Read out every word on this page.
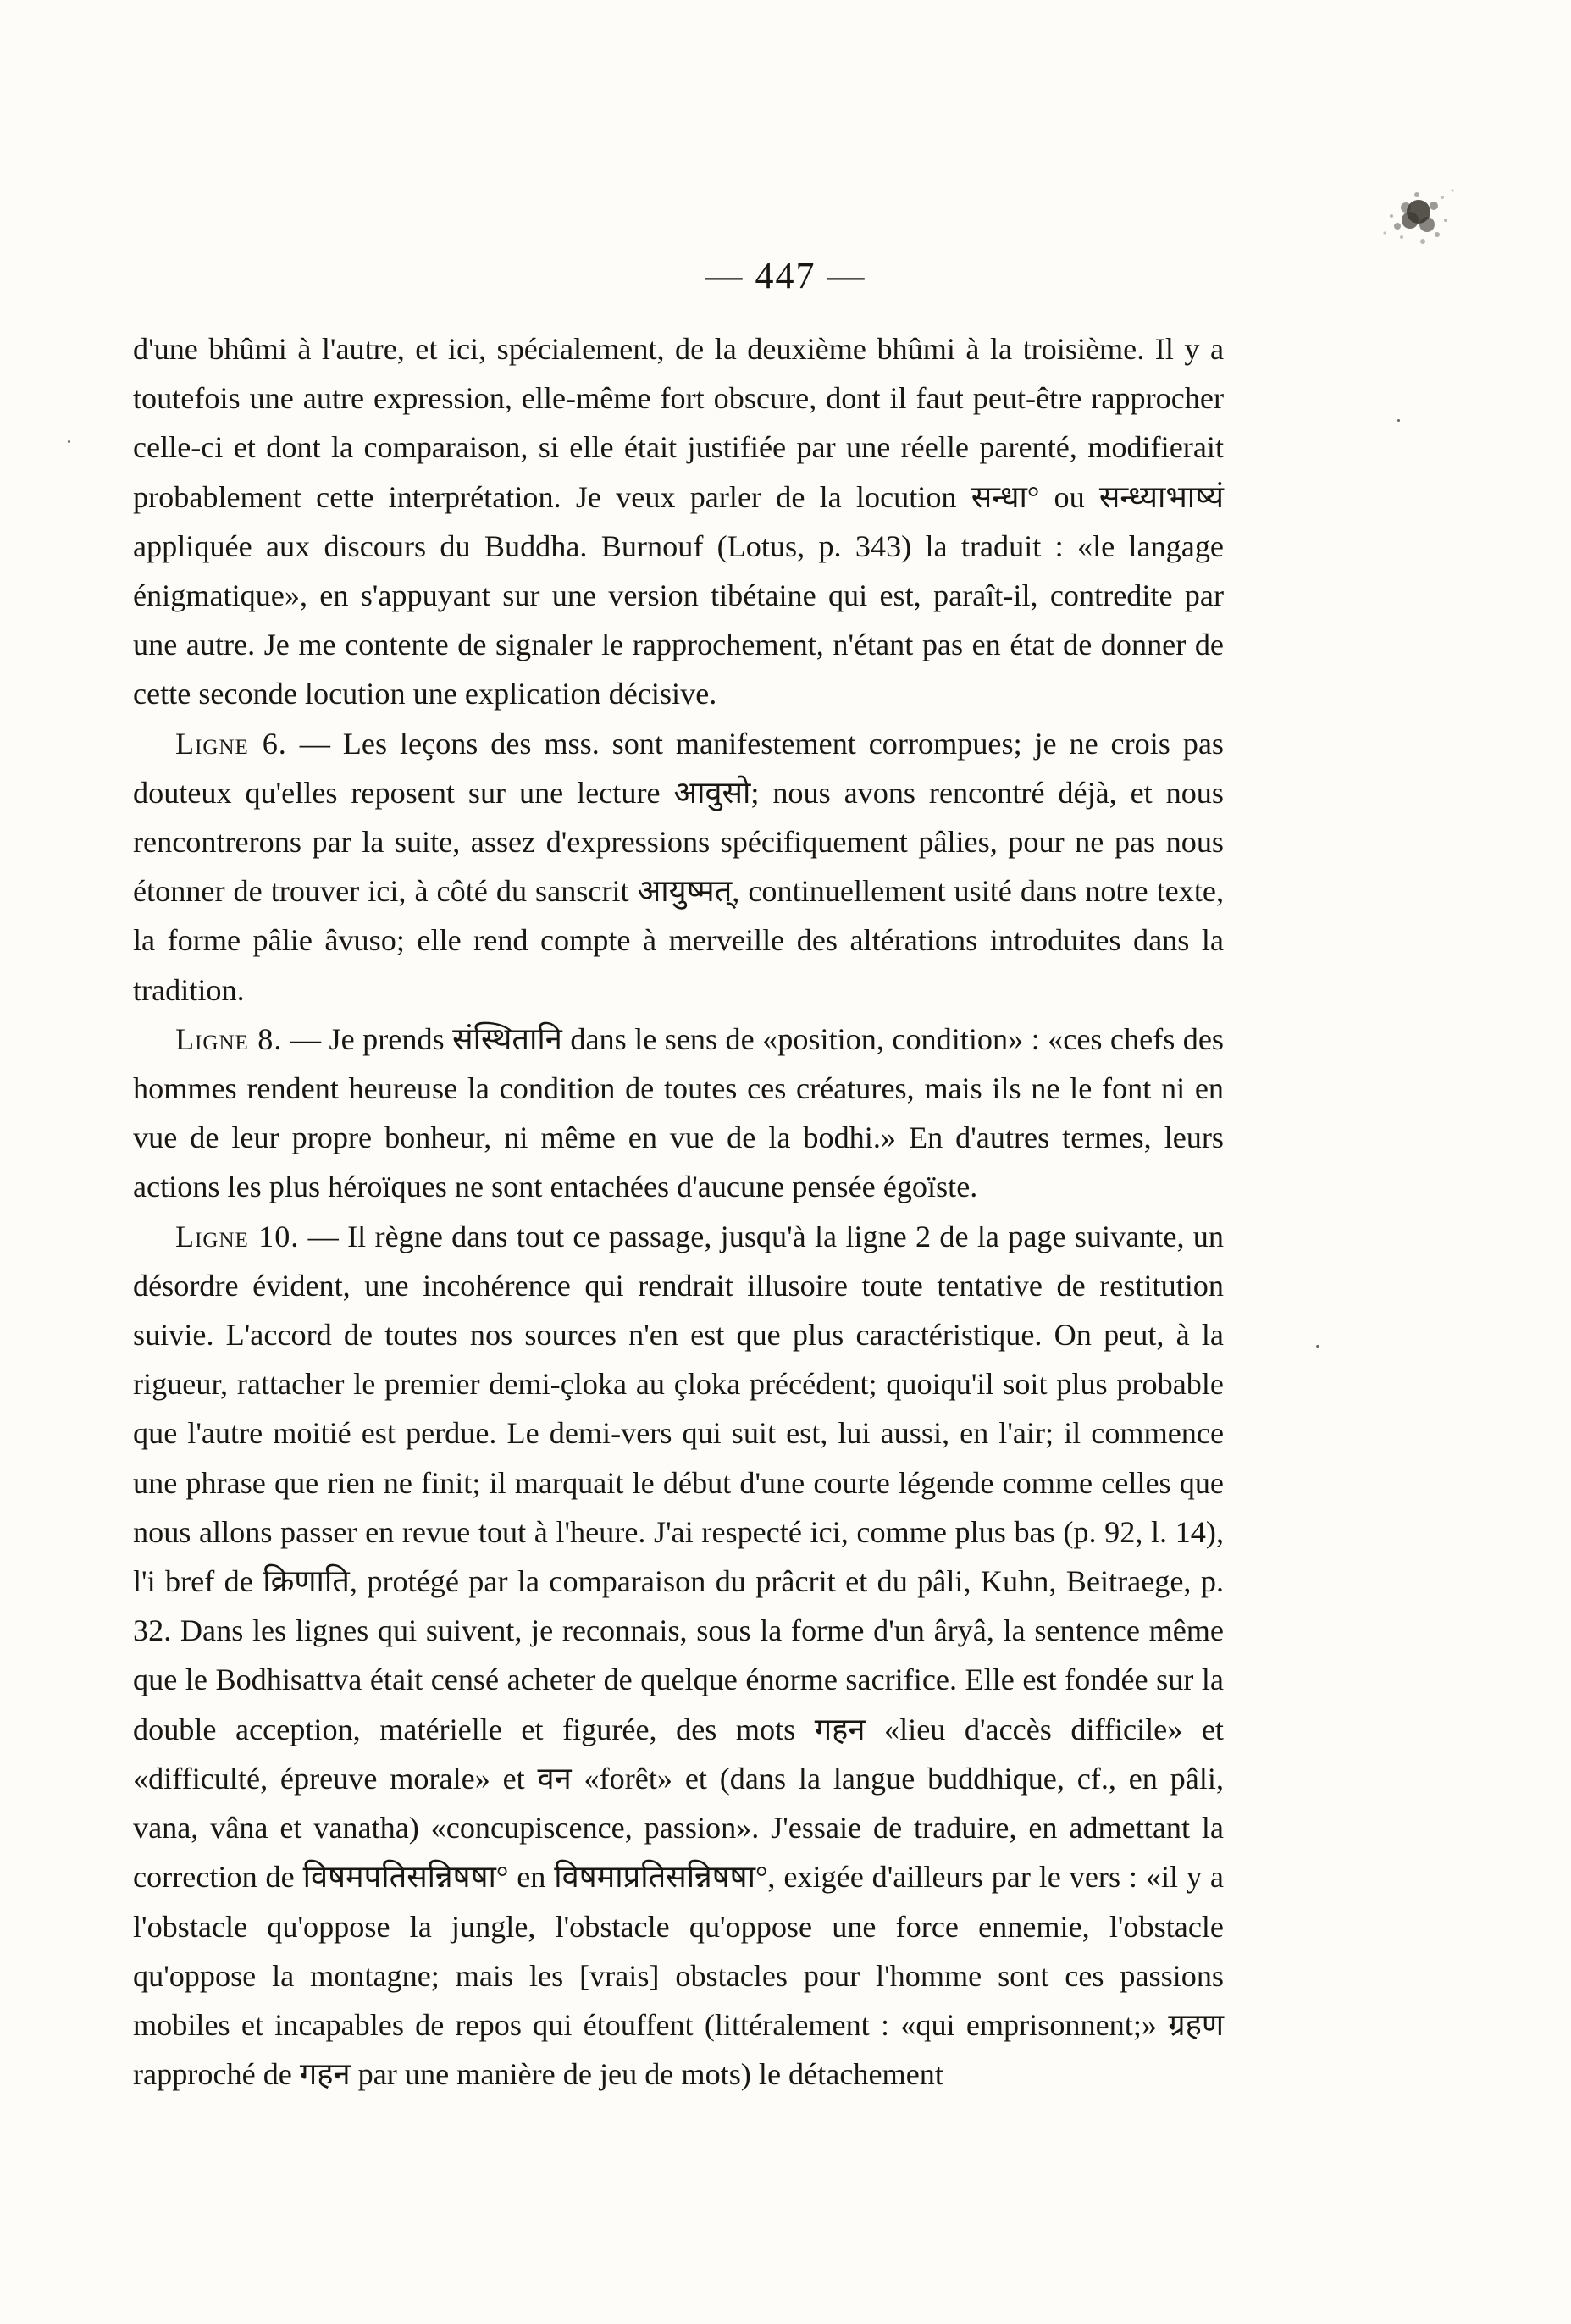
— 447 —

d'une bhûmi à l'autre, et ici, spécialement, de la deuxième bhûmi à la troisième. Il y a toutefois une autre expression, elle-même fort obscure, dont il faut peut-être rapprocher celle-ci et dont la comparaison, si elle était justifiée par une réelle parenté, modifierait probablement cette interprétation. Je veux parler de la locution सन्धा° ou सन्ध्याभाष्यं appliquée aux discours du Buddha. Burnouf (Lotus, p. 343) la traduit : «le langage énigmatique», en s'appuyant sur une version tibétaine qui est, paraît-il, contredite par une autre. Je me contente de signaler le rapprochement, n'étant pas en état de donner de cette seconde locution une explication décisive.

Ligne 6. — Les leçons des mss. sont manifestement corrompues; je ne crois pas douteux qu'elles reposent sur une lecture आवुसो; nous avons rencontré déjà, et nous rencontrerons par la suite, assez d'expressions spécifiquement pâlies, pour ne pas nous étonner de trouver ici, à côté du sanscrit आयुष्मत्, continuellement usité dans notre texte, la forme pâlie âvuso; elle rend compte à merveille des altérations introduites dans la tradition.

Ligne 8. — Je prends संस्थितानि dans le sens de «position, condition» : «ces chefs des hommes rendent heureuse la condition de toutes ces créatures, mais ils ne le font ni en vue de leur propre bonheur, ni même en vue de la bodhi.» En d'autres termes, leurs actions les plus héroïques ne sont entachées d'aucune pensée égoïste.

Ligne 10. — Il règne dans tout ce passage, jusqu'à la ligne 2 de la page suivante, un désordre évident, une incohérence qui rendrait illusoire toute tentative de restitution suivie. L'accord de toutes nos sources n'en est que plus caractéristique. On peut, à la rigueur, rattacher le premier demi-çloka au çloka précédent; quoiqu'il soit plus probable que l'autre moitié est perdue. Le demi-vers qui suit est, lui aussi, en l'air; il commence une phrase que rien ne finit; il marquait le début d'une courte légende comme celles que nous allons passer en revue tout à l'heure. J'ai respecté ici, comme plus bas (p. 92, l. 14), l'i bref de क्रिणाति, protégé par la comparaison du prâcrit et du pâli, Kuhn, Beitraege, p. 32. Dans les lignes qui suivent, je reconnais, sous la forme d'un âryâ, la sentence même que le Bodhisattva était censé acheter de quelque énorme sacrifice. Elle est fondée sur la double acception, matérielle et figurée, des mots गहन «lieu d'accès difficile» et «difficulté, épreuve morale» et वन «forêt» et (dans la langue buddhique, cf., en pâli, vana, vâna et vanatha) «concupiscence, passion». J'essaie de traduire, en admettant la correction de विषमपतिसन्निषषा° en विषमाप्रतिसन्निषषा°, exigée d'ailleurs par le vers : «il y a l'obstacle qu'oppose la jungle, l'obstacle qu'oppose une force ennemie, l'obstacle qu'oppose la montagne; mais les [vrais] obstacles pour l'homme sont ces passions mobiles et incapables de repos qui étouffent (littéralement : «qui emprisonnent;» ग्रहण rapproché de गहन par une manière de jeu de mots) le détachement
